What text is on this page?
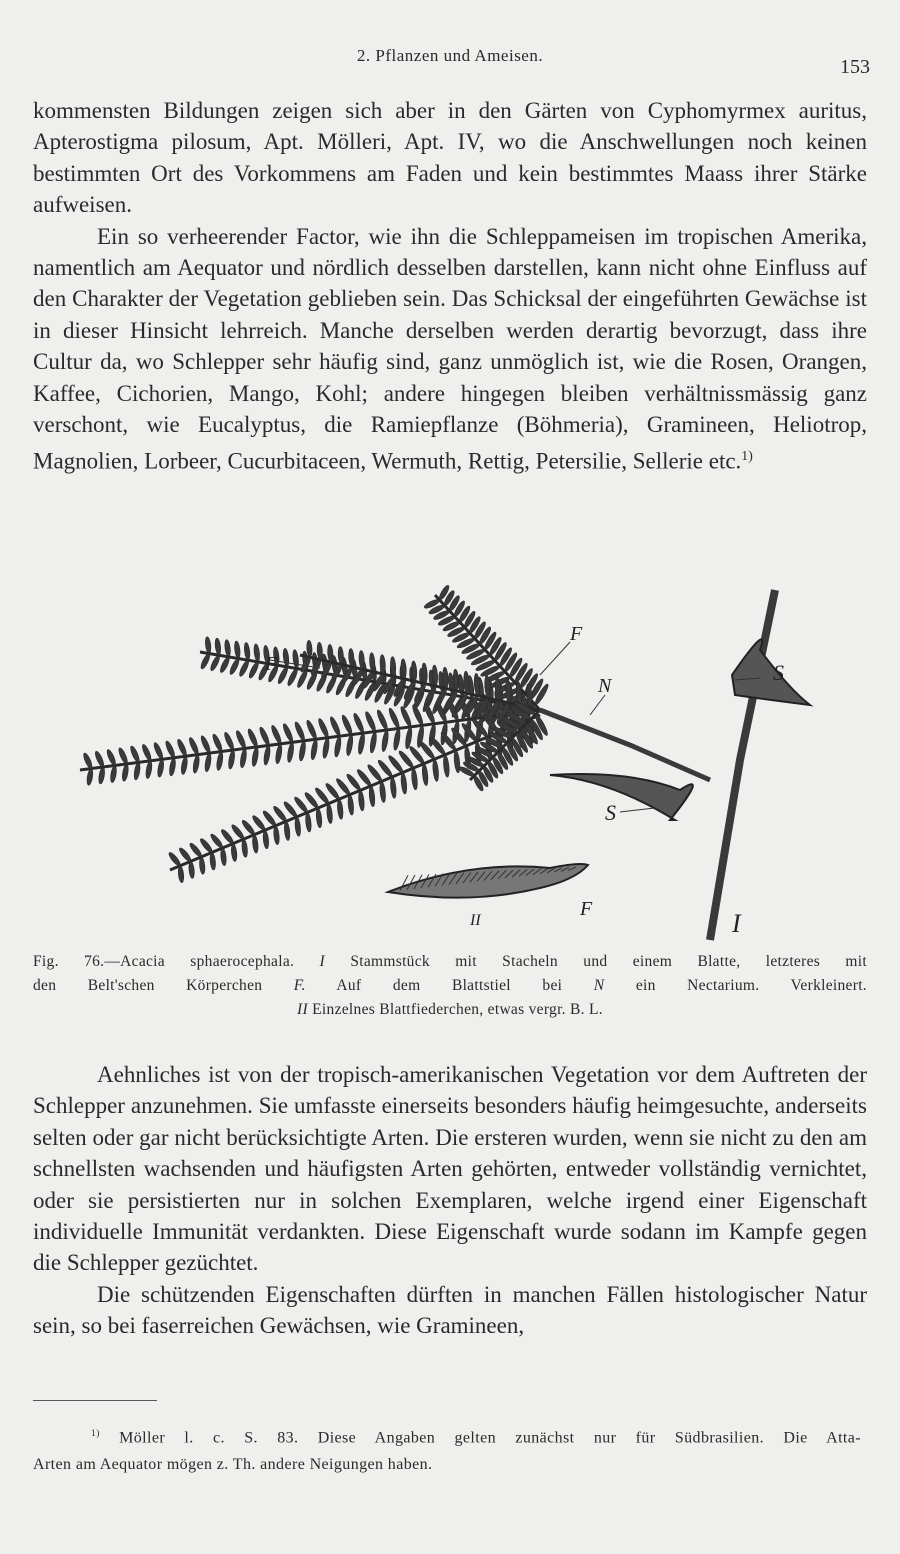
2. Pflanzen und Ameisen.
153

kommensten Bildungen zeigen sich aber in den Gärten von Cyphomyrmex auritus, Apterostigma pilosum, Apt. Mölleri, Apt. IV, wo die Anschwellungen noch keinen bestimmten Ort des Vorkommens am Faden und kein bestimmtes Maass ihrer Stärke aufweisen.

Ein so verheerender Factor, wie ihn die Schleppameisen im tropischen Amerika, namentlich am Aequator und nördlich desselben darstellen, kann nicht ohne Einfluss auf den Charakter der Vegetation geblieben sein. Das Schicksal der eingeführten Gewächse ist in dieser Hinsicht lehrreich. Manche derselben werden derartig bevorzugt, dass ihre Cultur da, wo Schlepper sehr häufig sind, ganz unmöglich ist, wie die Rosen, Orangen, Kaffee, Cichorien, Mango, Kohl; andere hingegen bleiben verhältnissmässig ganz verschont, wie Eucalyptus, die Ramiepflanze (Böhmeria), Gramineen, Heliotrop, Magnolien, Lorbeer, Cucurbitaceen, Wermuth, Rettig, Petersilie, Sellerie etc.$^{1)}$

F
F
N
S
S
F
II	I
Fig. 76.—Acacia sphaerocephala. I Stammstück mit Stacheln und einem Blatte, letzteres mit
den Belt'schen Körperchen F. Auf dem Blattstiel bei N ein Nectarium. Verkleinert.
II Einzelnes Blattfiederchen, etwas vergr. B. L.

Aehnliches ist von der tropisch-amerikanischen Vegetation vor dem Auftreten der Schlepper anzunehmen. Sie umfasste einerseits besonders häufig heimgesuchte, anderseits selten oder gar nicht berücksichtigte Arten. Die ersteren wurden, wenn sie nicht zu den am schnellsten wachsenden und häufigsten Arten gehörten, entweder vollständig vernichtet, oder sie persistierten nur in solchen Exemplaren, welche irgend einer Eigenschaft individuelle Immunität verdankten. Diese Eigenschaft wurde sodann im Kampfe gegen die Schlepper gezüchtet.

Die schützenden Eigenschaften dürften in manchen Fällen histologischer Natur sein, so bei faserreichen Gewächsen, wie Gramineen,

$^{1)}$ Möller l. c. S. 83. Diese Angaben gelten zunächst nur für Südbrasilien. Die Atta-
Arten am Aequator mögen z. Th. andere Neigungen haben.
